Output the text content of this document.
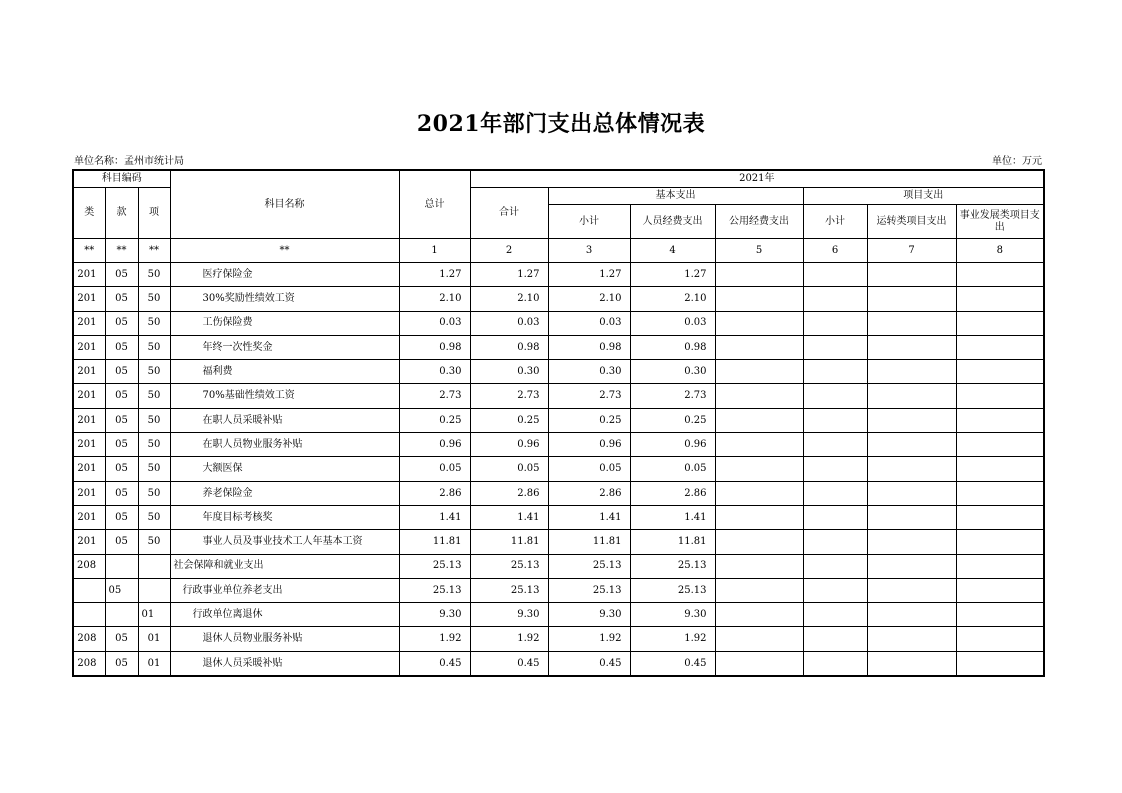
2021年部门支出总体情况表
单位名称：孟州市统计局	单位：万元
科目编码			科目名称	总计	2021年						
类	款	项			合计	基本支出			项目支出		
						小计	人员经费支出	公用经费支出	小计	运转类项目支出	事业发展类项目支出
**	**	**	**	1	2	3	4	5	6	7	8
201	05	50	医疗保险金	1.27	1.27	1.27	1.27				
201	05	50	30%奖励性绩效工资	2.10	2.10	2.10	2.10				
201	05	50	工伤保险费	0.03	0.03	0.03	0.03				
201	05	50	年终一次性奖金	0.98	0.98	0.98	0.98				
201	05	50	福利费	0.30	0.30	0.30	0.30				
201	05	50	70%基础性绩效工资	2.73	2.73	2.73	2.73				
201	05	50	在职人员采暖补贴	0.25	0.25	0.25	0.25				
201	05	50	在职人员物业服务补贴	0.96	0.96	0.96	0.96				
201	05	50	大额医保	0.05	0.05	0.05	0.05				
201	05	50	养老保险金	2.86	2.86	2.86	2.86				
201	05	50	年度目标考核奖	1.41	1.41	1.41	1.41				
201	05	50	事业人员及事业技术工人年基本工资	11.81	11.81	11.81	11.81				
208			社会保障和就业支出	25.13	25.13	25.13	25.13				
	05		行政事业单位养老支出	25.13	25.13	25.13	25.13				
		01	行政单位离退休	9.30	9.30	9.30	9.30				
208	05	01	退休人员物业服务补贴	1.92	1.92	1.92	1.92				
208	05	01	退休人员采暖补贴	0.45	0.45	0.45	0.45				
